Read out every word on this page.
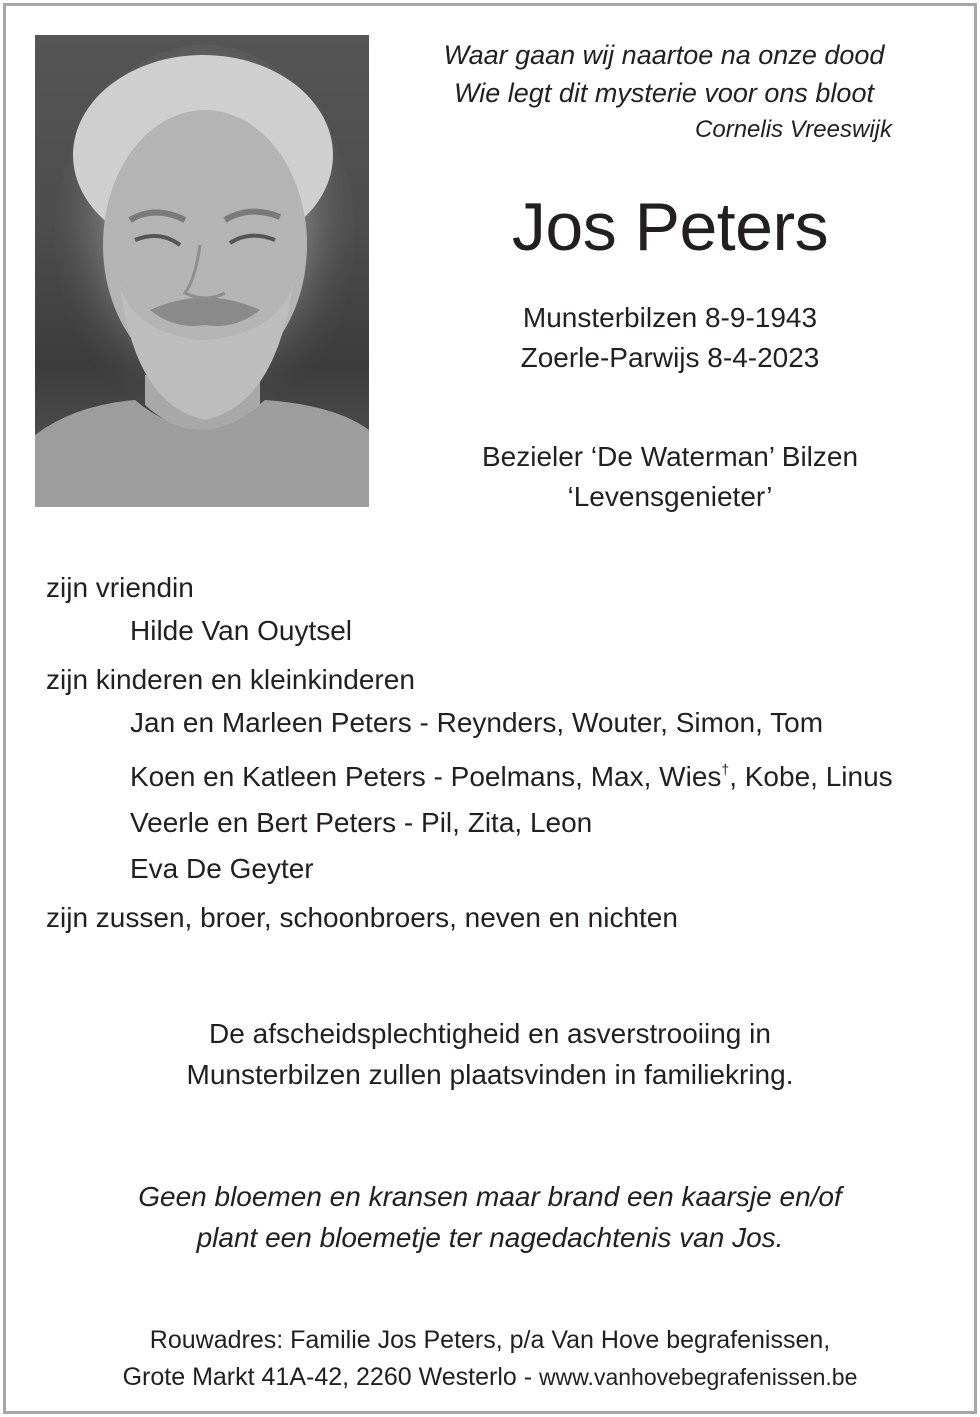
Waar gaan wij naartoe na onze dood
Wie legt dit mysterie voor ons bloot
Cornelis Vreeswijk
Jos Peters
Munsterbilzen 8-9-1943
Zoerle-Parwijs 8-4-2023
Bezieler ‘De Waterman’ Bilzen
‘Levensgenieter’
zijn vriendin
Hilde Van Ouytsel
zijn kinderen en kleinkinderen
Jan en Marleen Peters - Reynders, Wouter, Simon, Tom
Koen en Katleen Peters - Poelmans, Max, Wies†, Kobe, Linus
Veerle en Bert Peters - Pil, Zita, Leon
Eva De Geyter
zijn zussen, broer, schoonbroers, neven en nichten
De afscheidsplechtigheid en asverstrooiing in
Munsterbilzen zullen plaatsvinden in familiekring.
Geen bloemen en kransen maar brand een kaarsje en/of
plant een bloemetje ter nagedachtenis van Jos.
Rouwadres: Familie Jos Peters, p/a Van Hove begrafenissen,
Grote Markt 41A-42, 2260 Westerlo - www.vanhovebegrafenissen.be
